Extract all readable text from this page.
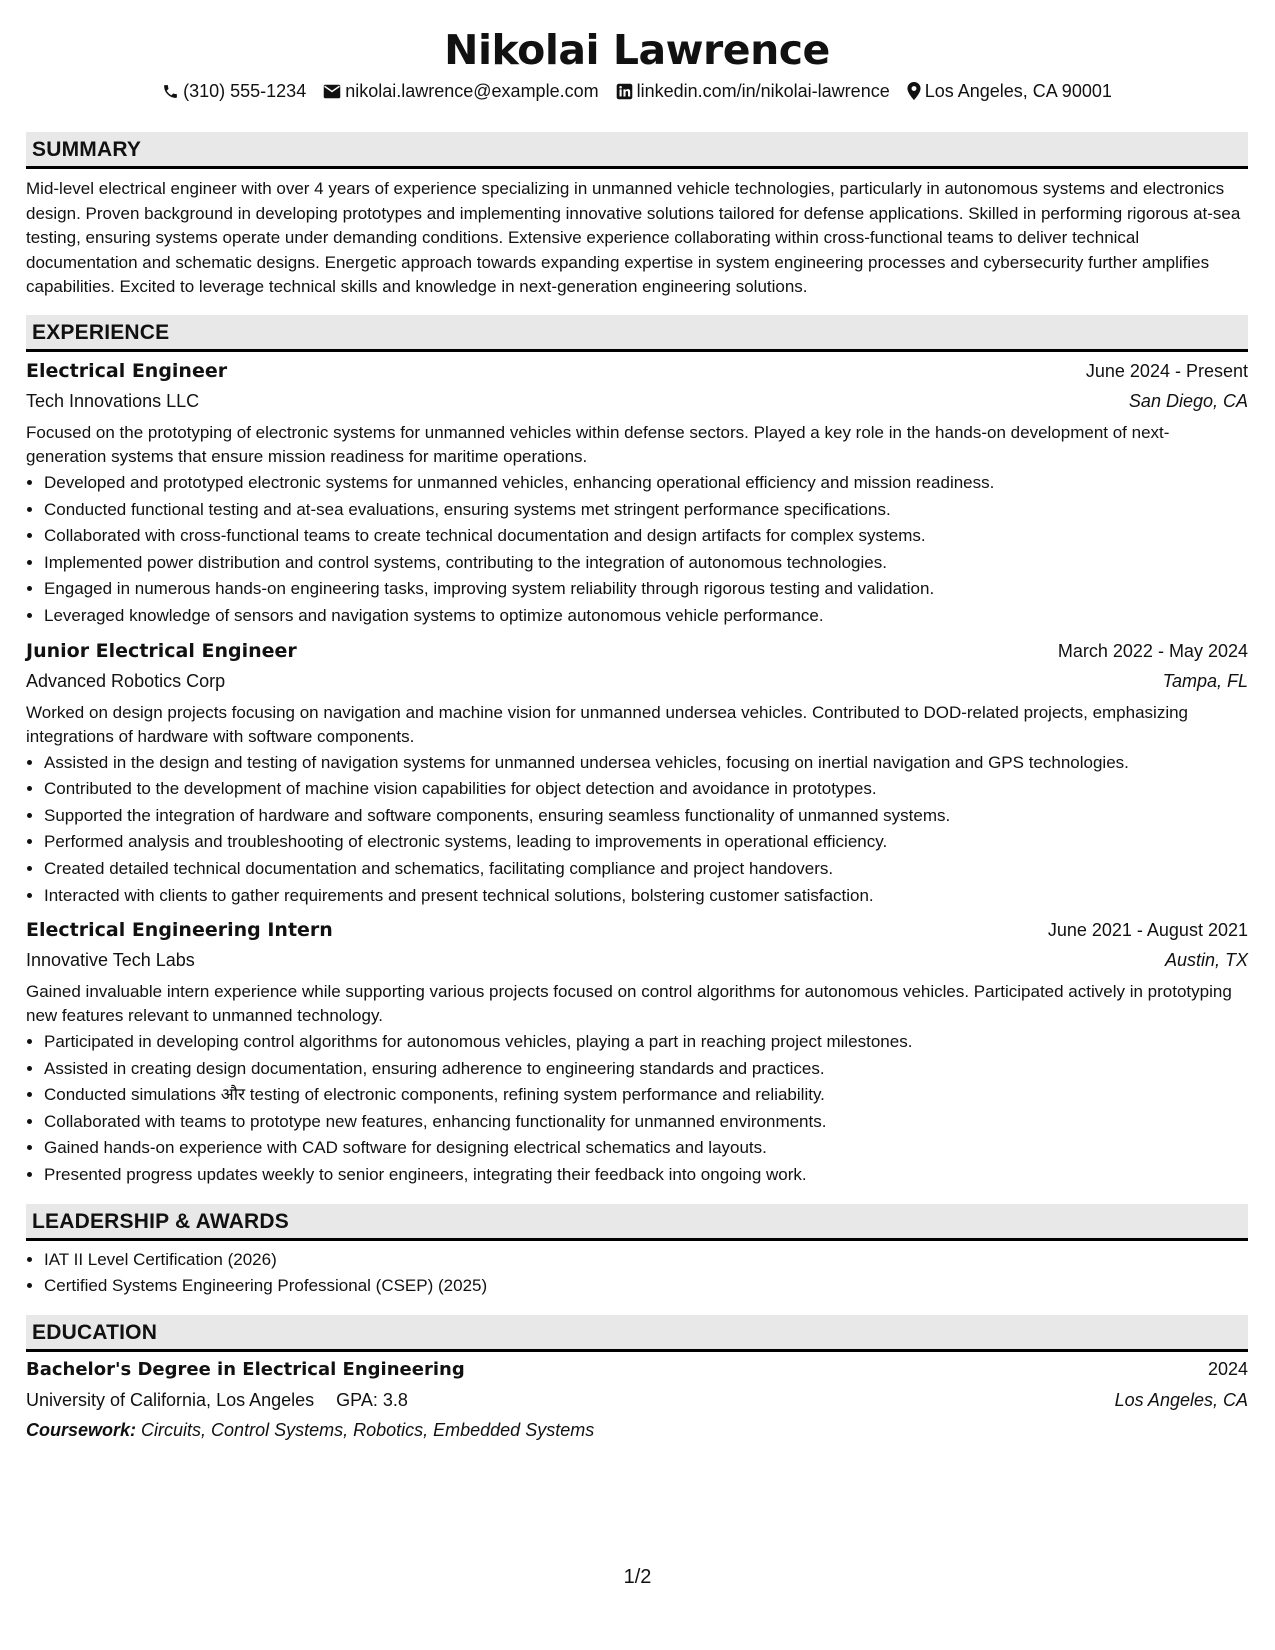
Nikolai Lawrence
(310) 555-1234 nikolai.lawrence@example.com linkedin.com/in/nikolai-lawrence Los Angeles, CA 90001
SUMMARY

Mid-level electrical engineer with over 4 years of experience specializing in unmanned vehicle technologies, particularly in autonomous systems and electronics design. Proven background in developing prototypes and implementing innovative solutions tailored for defense applications. Skilled in performing rigorous at-sea testing, ensuring systems operate under demanding conditions. Extensive experience collaborating within cross-functional teams to deliver technical documentation and schematic designs. Energetic approach towards expanding expertise in system engineering processes and cybersecurity further amplifies capabilities. Excited to leverage technical skills and knowledge in next-generation engineering solutions.

EXPERIENCE
Electrical Engineer	June 2024 - Present
Tech Innovations LLC	San Diego, CA
Focused on the prototyping of electronic systems for unmanned vehicles within defense sectors. Played a key role in the hands-on development of next-generation systems that ensure mission readiness for maritime operations.
• Developed and prototyped electronic systems for unmanned vehicles, enhancing operational efficiency and mission readiness.
• Conducted functional testing and at-sea evaluations, ensuring systems met stringent performance specifications.
• Collaborated with cross-functional teams to create technical documentation and design artifacts for complex systems.
• Implemented power distribution and control systems, contributing to the integration of autonomous technologies.
• Engaged in numerous hands-on engineering tasks, improving system reliability through rigorous testing and validation.
• Leveraged knowledge of sensors and navigation systems to optimize autonomous vehicle performance.
Junior Electrical Engineer	March 2022 - May 2024
Advanced Robotics Corp	Tampa, FL
Worked on design projects focusing on navigation and machine vision for unmanned undersea vehicles. Contributed to DOD-related projects, emphasizing integrations of hardware with software components.
• Assisted in the design and testing of navigation systems for unmanned undersea vehicles, focusing on inertial navigation and GPS technologies.
• Contributed to the development of machine vision capabilities for object detection and avoidance in prototypes.
• Supported the integration of hardware and software components, ensuring seamless functionality of unmanned systems.
• Performed analysis and troubleshooting of electronic systems, leading to improvements in operational efficiency.
• Created detailed technical documentation and schematics, facilitating compliance and project handovers.
• Interacted with clients to gather requirements and present technical solutions, bolstering customer satisfaction.
Electrical Engineering Intern	June 2021 - August 2021
Innovative Tech Labs	Austin, TX
Gained invaluable intern experience while supporting various projects focused on control algorithms for autonomous vehicles. Participated actively in prototyping new features relevant to unmanned technology.
• Participated in developing control algorithms for autonomous vehicles, playing a part in reaching project milestones.
• Assisted in creating design documentation, ensuring adherence to engineering standards and practices.
• Conducted simulations और testing of electronic components, refining system performance and reliability.
• Collaborated with teams to prototype new features, enhancing functionality for unmanned environments.
• Gained hands-on experience with CAD software for designing electrical schematics and layouts.
• Presented progress updates weekly to senior engineers, integrating their feedback into ongoing work.
LEADERSHIP & AWARDS
• IAT II Level Certification (2026)
• Certified Systems Engineering Professional (CSEP) (2025)
EDUCATION
Bachelor's Degree in Electrical Engineering	2024
University of California, Los Angeles GPA: 3.8	Los Angeles, CA
Coursework: Circuits, Control Systems, Robotics, Embedded Systems
1/2
